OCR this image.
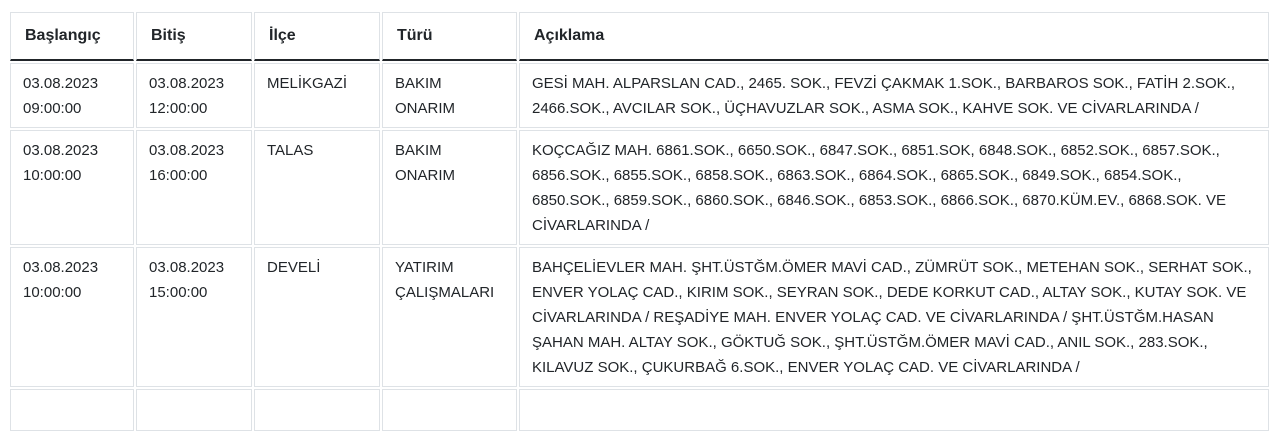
Başlangıç	Bitiş	İlçe	Türü	Açıklama
03.08.2023 09:00:00	03.08.2023 12:00:00	MELİKGAZİ	BAKIM ONARIM	GESİ MAH. ALPARSLAN CAD., 2465. SOK., FEVZİ ÇAKMAK 1.SOK., BARBAROS SOK., FATİH 2.SOK., 2466.SOK., AVCILAR SOK., ÜÇHAVUZLAR SOK., ASMA SOK., KAHVE SOK. VE CİVARLARINDA /
03.08.2023 10:00:00	03.08.2023 16:00:00	TALAS	BAKIM ONARIM	KOÇCAĞIZ MAH. 6861.SOK., 6650.SOK., 6847.SOK., 6851.SOK, 6848.SOK., 6852.SOK., 6857.SOK., 6856.SOK., 6855.SOK., 6858.SOK., 6863.SOK., 6864.SOK., 6865.SOK., 6849.SOK., 6854.SOK., 6850.SOK., 6859.SOK., 6860.SOK., 6846.SOK., 6853.SOK., 6866.SOK., 6870.KÜM.EV., 6868.SOK. VE CİVARLARINDA /
03.08.2023 10:00:00	03.08.2023 15:00:00	DEVELİ	YATIRIM ÇALIŞMALARI	BAHÇELİEVLER MAH. ŞHT.ÜSTĞM.ÖMER MAVİ CAD., ZÜMRÜT SOK., METEHAN SOK., SERHAT SOK., ENVER YOLAÇ CAD., KIRIM SOK., SEYRAN SOK., DEDE KORKUT CAD., ALTAY SOK., KUTAY SOK. VE CİVARLARINDA / REŞADİYE MAH. ENVER YOLAÇ CAD. VE CİVARLARINDA / ŞHT.ÜSTĞM.HASAN ŞAHAN MAH. ALTAY SOK., GÖKTUĞ SOK., ŞHT.ÜSTĞM.ÖMER MAVİ CAD., ANIL SOK., 283.SOK., KILAVUZ SOK., ÇUKURBAĞ 6.SOK., ENVER YOLAÇ CAD. VE CİVARLARINDA /
